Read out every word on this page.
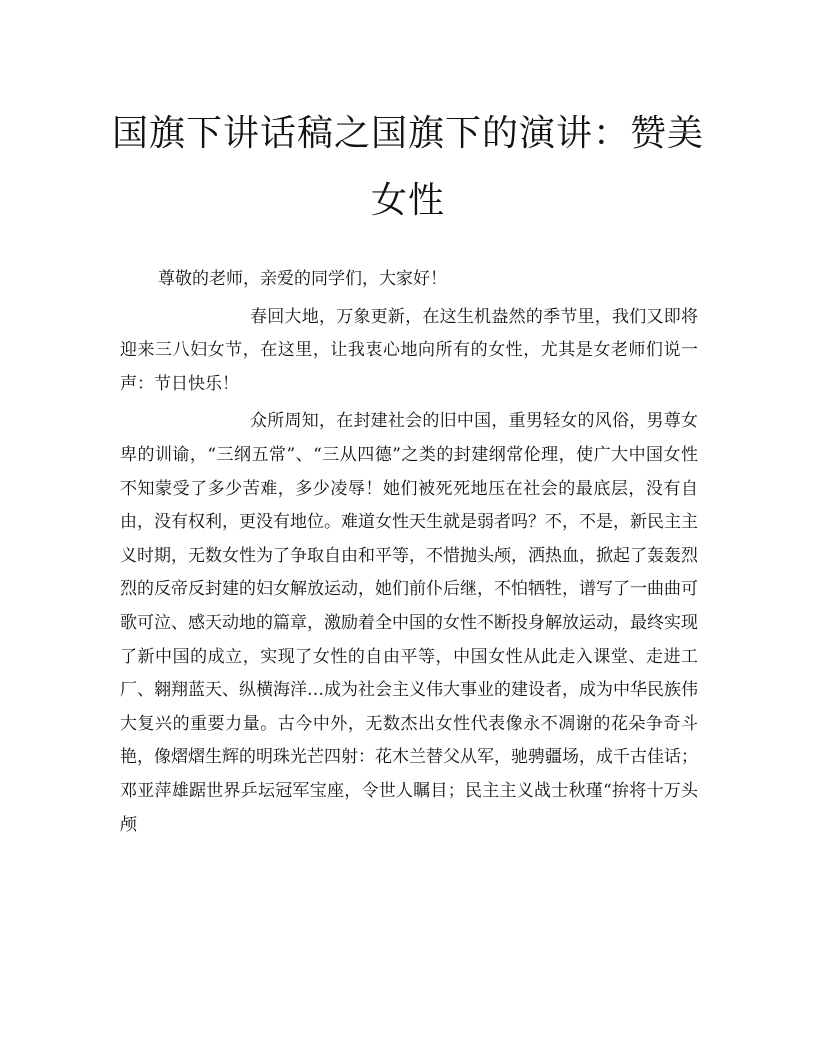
国旗下讲话稿之国旗下的演讲：赞美女性

尊敬的老师，亲爱的同学们，大家好！

春回大地，万象更新，在这生机盎然的季节里，我们又即将迎来三八妇女节，在这里，让我衷心地向所有的女性，尤其是女老师们说一声：节日快乐！

众所周知，在封建社会的旧中国，重男轻女的风俗，男尊女卑的训谕，“三纲五常”、“三从四德”之类的封建纲常伦理，使广大中国女性不知蒙受了多少苦难，多少凌辱！她们被死死地压在社会的最底层，没有自由，没有权利，更没有地位。难道女性天生就是弱者吗？不，不是，新民主主义时期，无数女性为了争取自由和平等，不惜抛头颅，洒热血，掀起了轰轰烈烈的反帝反封建的妇女解放运动，她们前仆后继，不怕牺牲，谱写了一曲曲可歌可泣、感天动地的篇章，激励着全中国的女性不断投身解放运动，最终实现了新中国的成立，实现了女性的自由平等，中国女性从此走入课堂、走进工厂、翱翔蓝天、纵横海洋…成为社会主义伟大事业的建设者，成为中华民族伟大复兴的重要力量。古今中外，无数杰出女性代表像永不凋谢的花朵争奇斗艳，像熠熠生辉的明珠光芒四射：花木兰替父从军，驰骋疆场，成千古佳话；邓亚萍雄踞世界乒坛冠军宝座，令世人瞩目；民主主义战士秋瑾“拚将十万头颅
